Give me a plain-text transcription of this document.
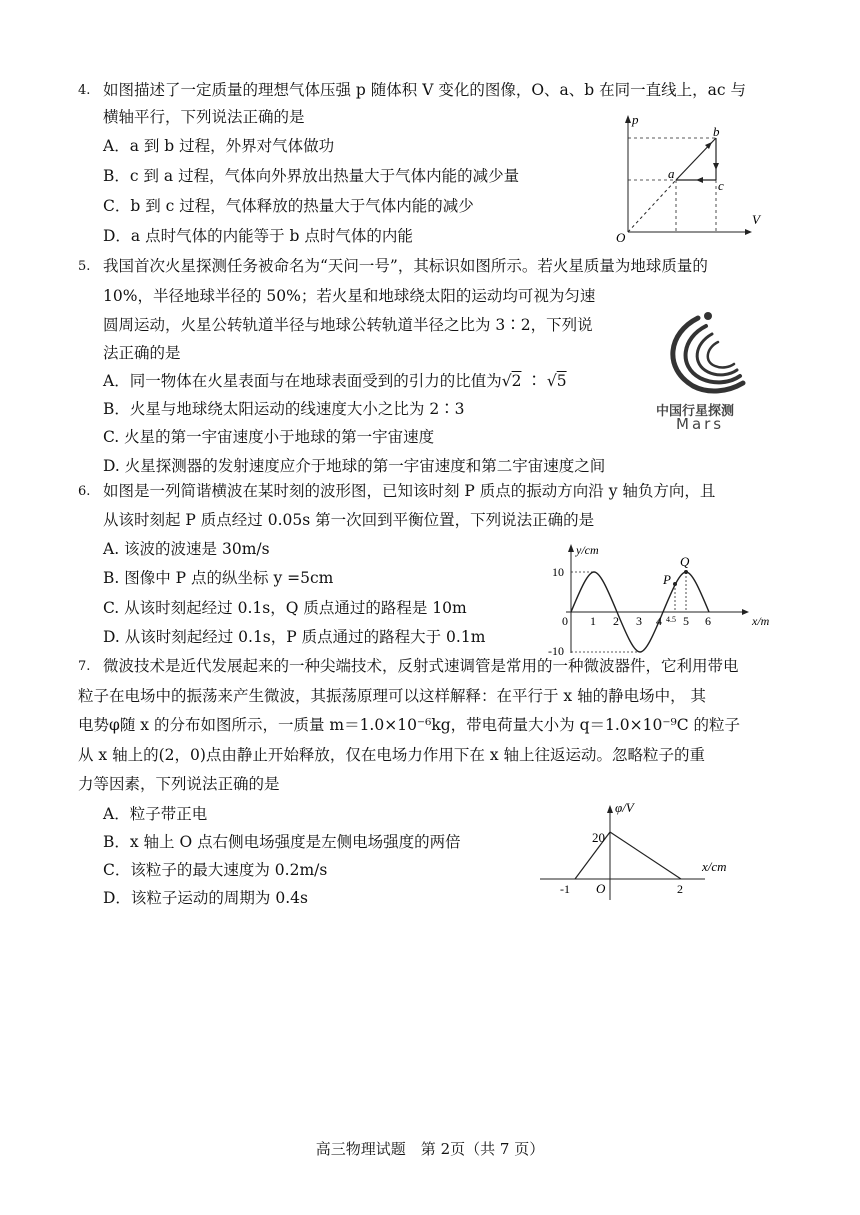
4. 如图描述了一定质量的理想气体压强 p 随体积 V 变化的图像，O、a、b 在同一直线上，ac 与
横轴平行，下列说法正确的是
A．a 到 b 过程，外界对气体做功
B．c 到 a 过程，气体向外界放出热量大于气体内能的减少量
C．b 到 c 过程，气体释放的热量大于气体内能的减少
D．a 点时气体的内能等于 b 点时气体的内能
p
V
O
a
b
c
5. 我国首次火星探测任务被命名为“天问一号”，其标识如图所示。若火星质量为地球质量的
10%，半径地球半径的 50%；若火星和地球绕太阳的运动均可视为匀速
圆周运动，火星公转轨道半径与地球公转轨道半径之比为 3∶2，下列说
法正确的是
A．同一物体在火星表面与在地球表面受到的引力的比值为√2 ∶ √5
B．火星与地球绕太阳运动的线速度大小之比为 2∶3
C. 火星的第一宇宙速度小于地球的第一宇宙速度
D. 火星探测器的发射速度应介于地球的第一宇宙速度和第二宇宙速度之间
中国行星探测
Mars
6. 如图是一列简谐横波在某时刻的波形图，已知该时刻 P 质点的振动方向沿 y 轴负方向，且
从该时刻起 P 质点经过 0.05s 第一次回到平衡位置，下列说法正确的是
A. 该波的波速是 30m/s
B. 图像中 P 点的纵坐标 y =5cm
C. 从该时刻起经过 0.1s，Q 质点通过的路程是 10m
D. 从该时刻起经过 0.1s，P 质点通过的路程大于 0.1m
y/cm
x/m
10
-10
0 1 2 3 4 4.5 5 6
P
Q
7. 微波技术是近代发展起来的一种尖端技术，反射式速调管是常用的一种微波器件，它利用带电
粒子在电场中的振荡来产生微波，其振荡原理可以这样解释：在平行于 x 轴的静电场中， 其
电势φ随 x 的分布如图所示，一质量 m＝1.0×10⁻⁶kg，带电荷量大小为 q＝1.0×10⁻⁹C 的粒子
从 x 轴上的(2，0)点由静止开始释放，仅在电场力作用下在 x 轴上往返运动。忽略粒子的重
力等因素，下列说法正确的是
A．粒子带正电
B．x 轴上 O 点右侧电场强度是左侧电场强度的两倍
C．该粒子的最大速度为 0.2m/s
D．该粒子运动的周期为 0.4s
φ/V
x/cm
20
-1 O	2
高三物理试题　第 2页（共 7 页）
